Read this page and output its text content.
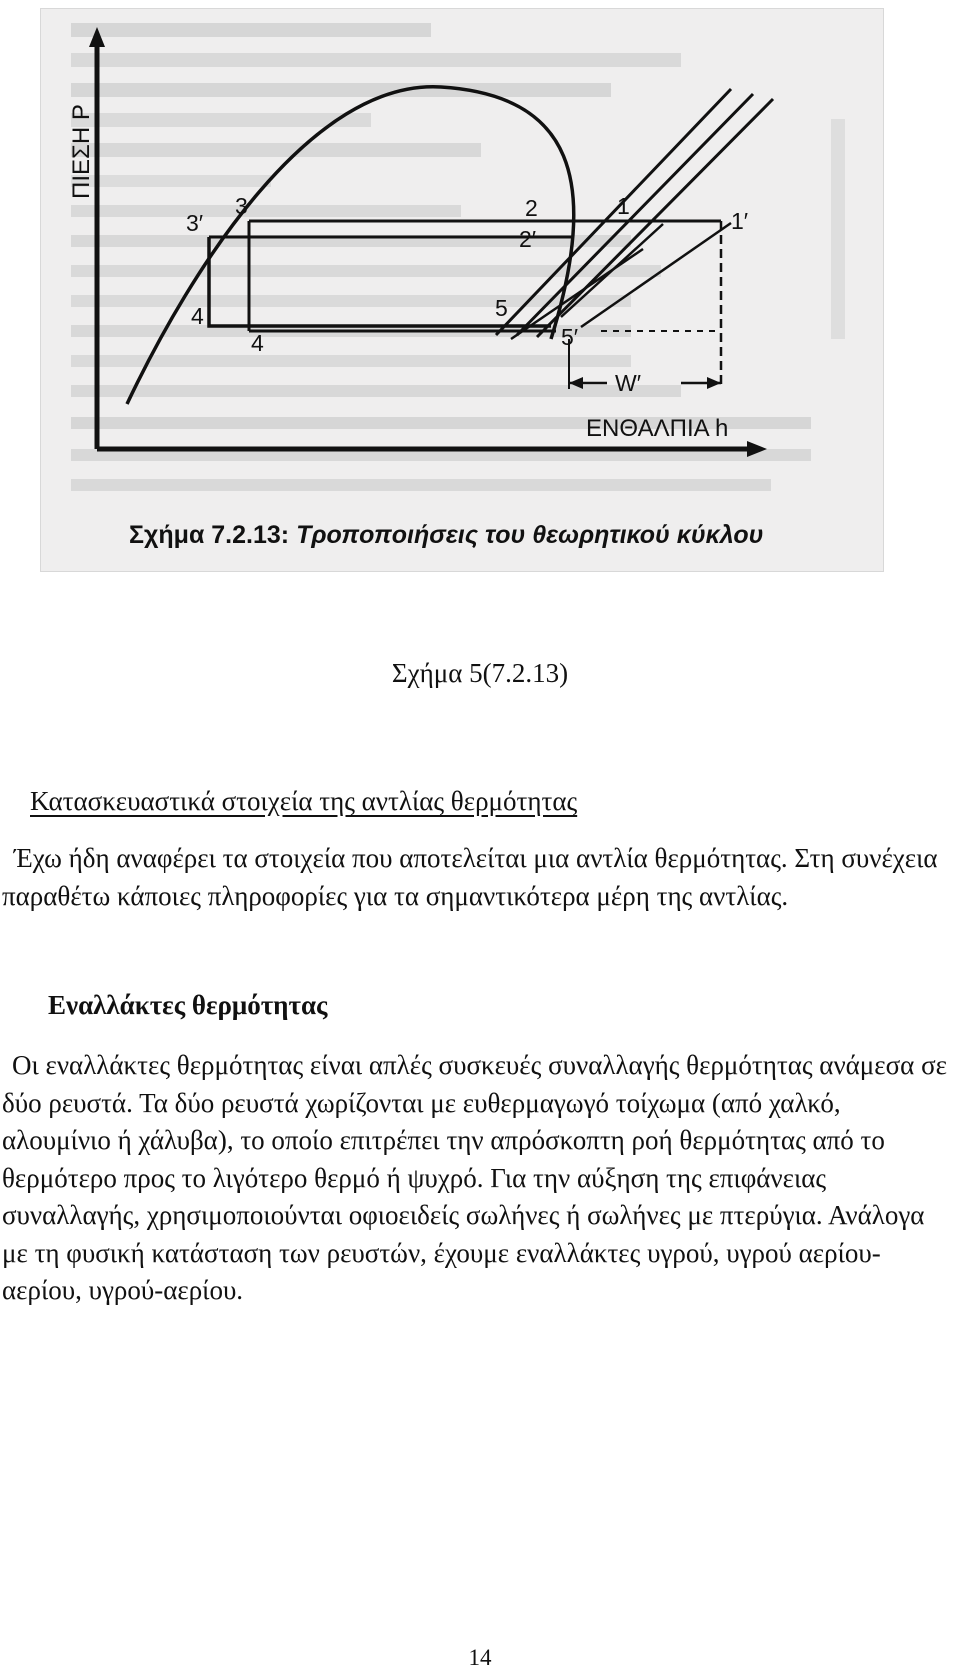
ΠΙΕΣΗ Ρ
ΕΝΘΑΛΠΙΑ h
3′
3
4
4
2
2′
1
1′
5
5′
W′
Σχήμα 7.2.13: Τροποποιήσεις του θεωρητικού κύκλου
Σχήμα 5(7.2.13)
Κατασκευαστικά στοιχεία της αντλίας θερμότητας

Έχω ήδη αναφέρει τα στοιχεία που αποτελείται μια αντλία θερμότητας. Στη συνέχεια παραθέτω κάποιες πληροφορίες για τα σημαντικότερα μέρη της αντλίας.

Εναλλάκτες θερμότητας

Οι εναλλάκτες θερμότητας είναι απλές συσκευές συναλλαγής θερμότητας ανάμεσα σε δύο ρευστά. Τα δύο ρευστά χωρίζονται με ευθερμαγωγό τοίχωμα (από χαλκό, αλουμίνιο ή χάλυβα), το οποίο επιτρέπει την απρόσκοπτη ροή θερμότητας από το θερμότερο προς το λιγότερο θερμό ή ψυχρό. Για την αύξηση της επιφάνειας συναλλαγής, χρησιμοποιούνται οφιοειδείς σωλήνες ή σωλήνες με πτερύγια. Ανάλογα με τη φυσική κατάσταση των ρευστών, έχουμε εναλλάκτες υγρού, υγρού αερίου-αερίου, υγρού-αερίου.

14
